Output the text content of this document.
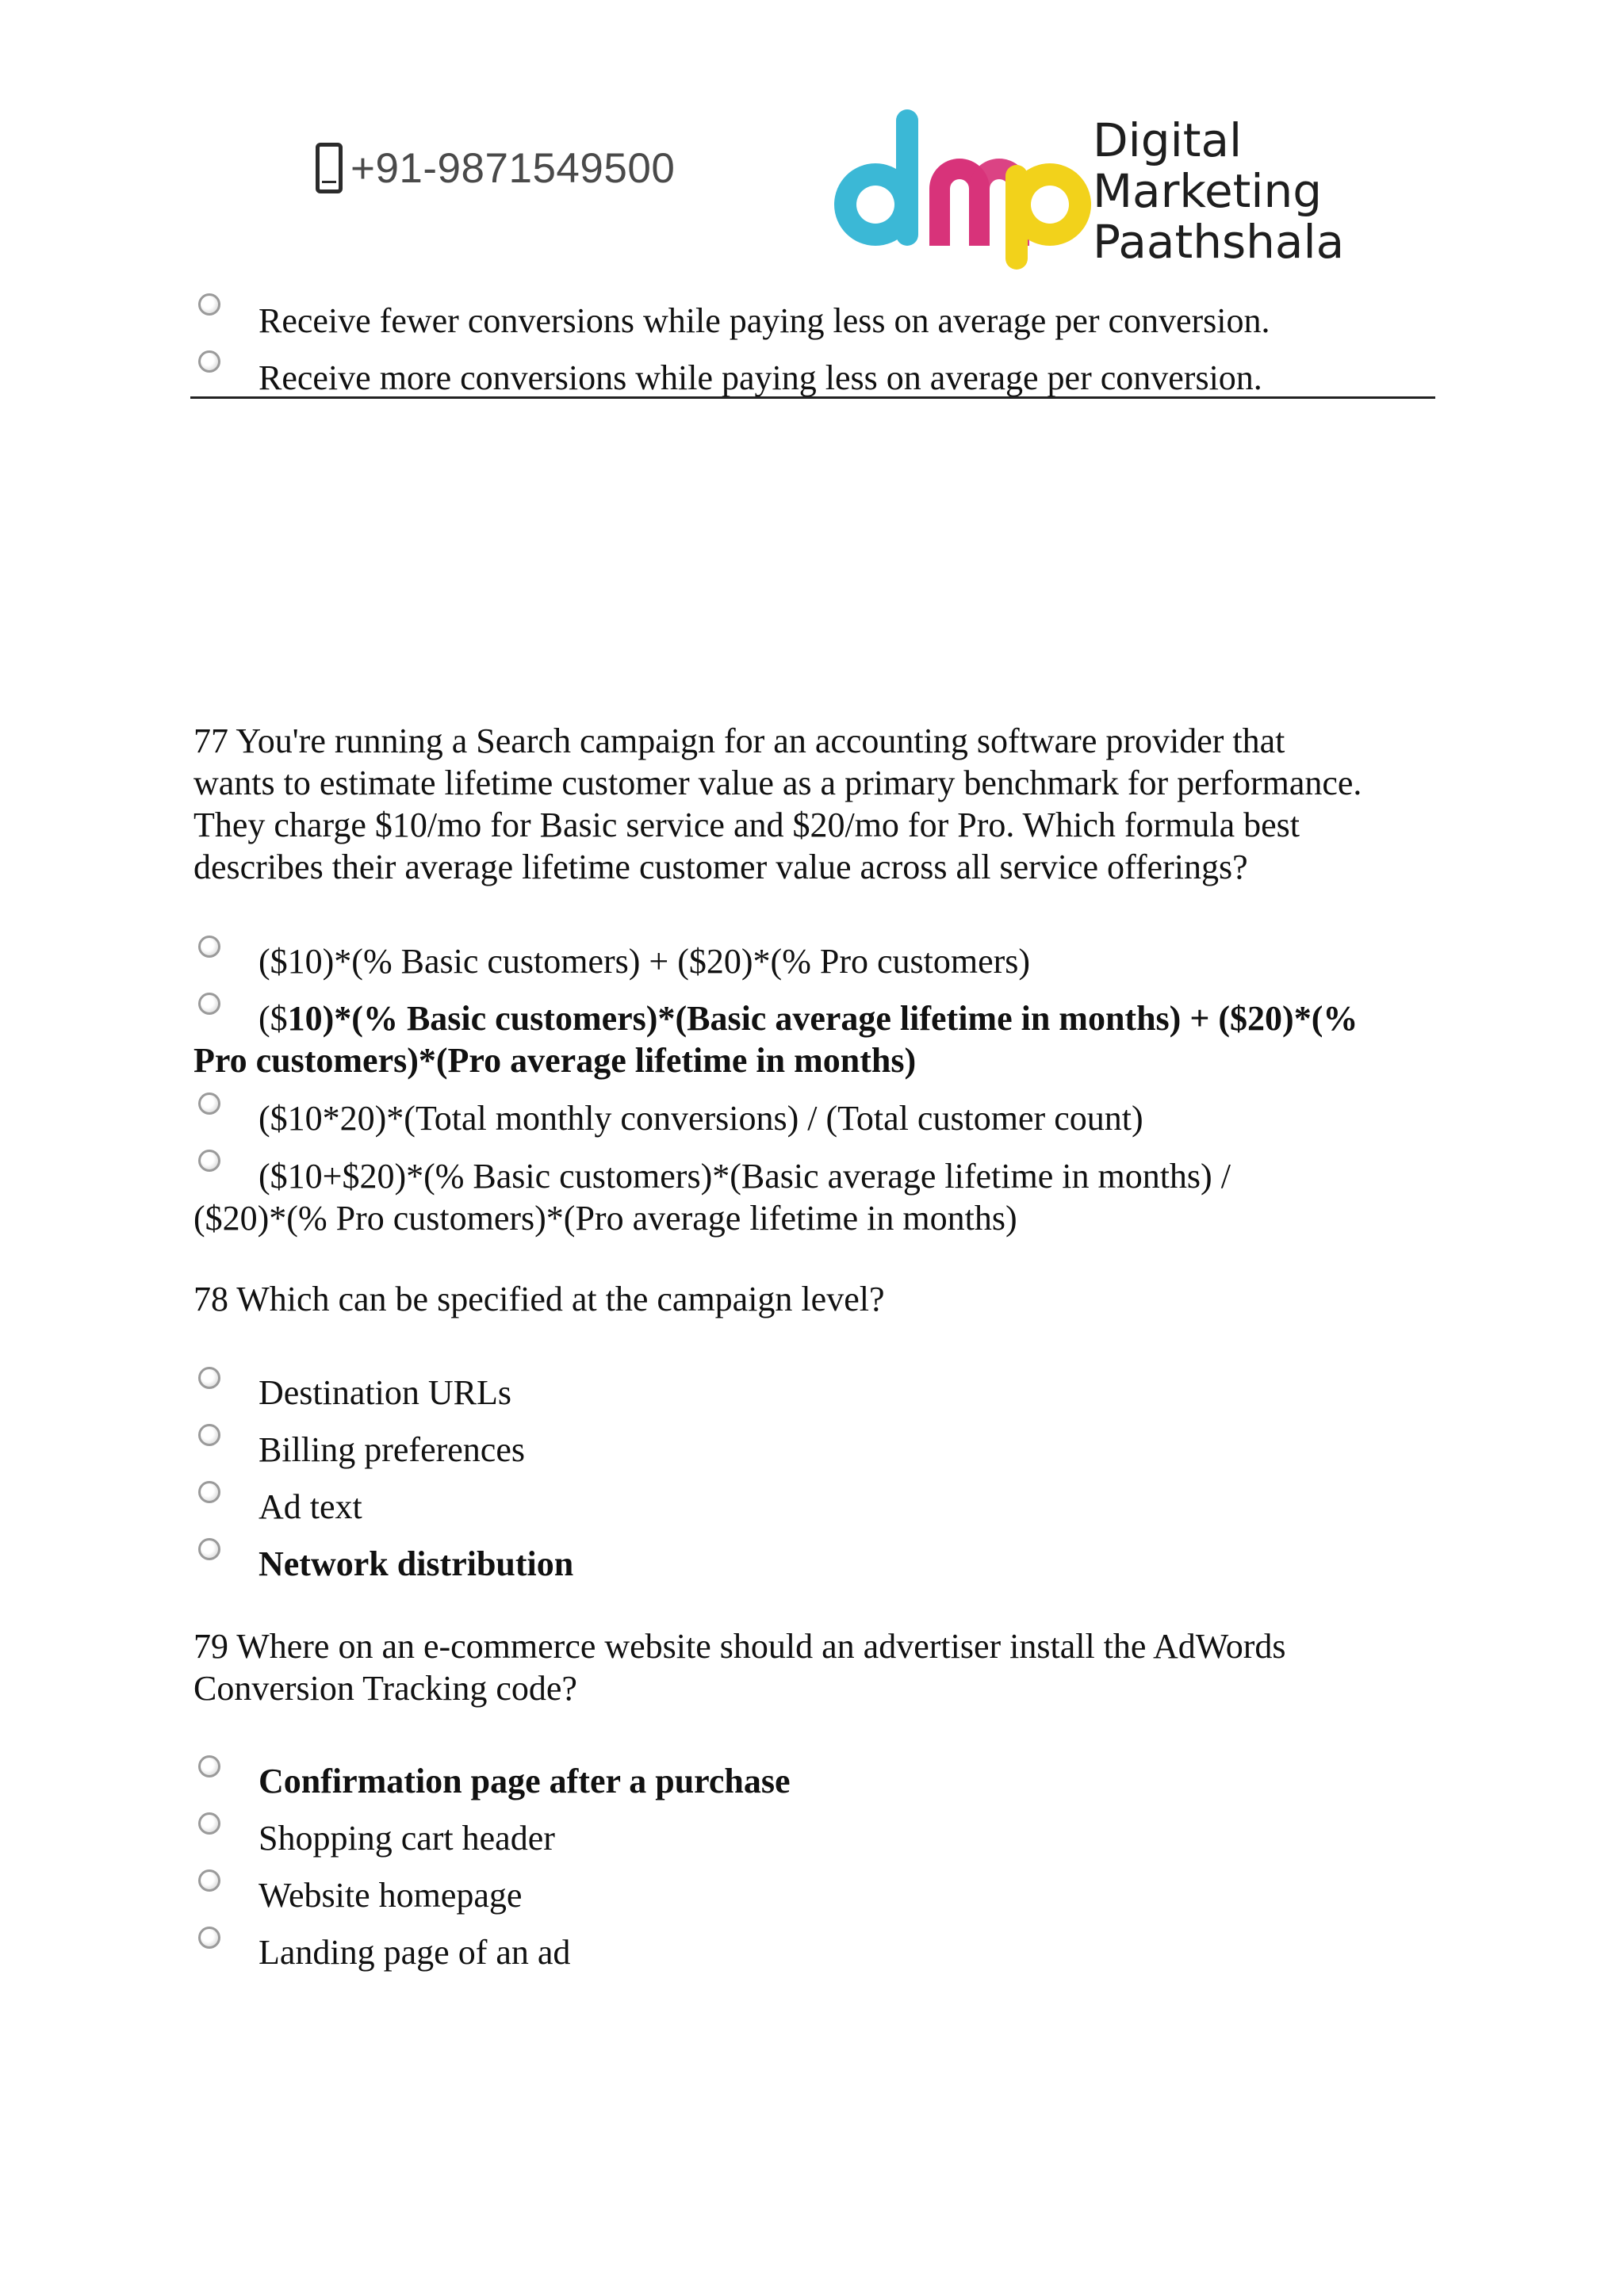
+91-9871549500
Digital
Marketing
Paathshala
Receive fewer conversions while paying less on average per conversion.
Receive more conversions while paying less on average per conversion.
77 You're running a Search campaign for an accounting software provider that
wants to estimate lifetime customer value as a primary benchmark for performance.
They charge $10/mo for Basic service and $20/mo for Pro. Which formula best
describes their average lifetime customer value across all service offerings?
($10)*(% Basic customers) + ($20)*(% Pro customers)
($10)*(% Basic customers)*(Basic average lifetime in months) + ($20)*(%
Pro customers)*(Pro average lifetime in months)
($10*20)*(Total monthly conversions) / (Total customer count)
($10+$20)*(% Basic customers)*(Basic average lifetime in months) /
($20)*(% Pro customers)*(Pro average lifetime in months)
78 Which can be specified at the campaign level?
Destination URLs
Billing preferences
Ad text
Network distribution
79 Where on an e-commerce website should an advertiser install the AdWords
Conversion Tracking code?
Confirmation page after a purchase
Shopping cart header
Website homepage
Landing page of an ad
